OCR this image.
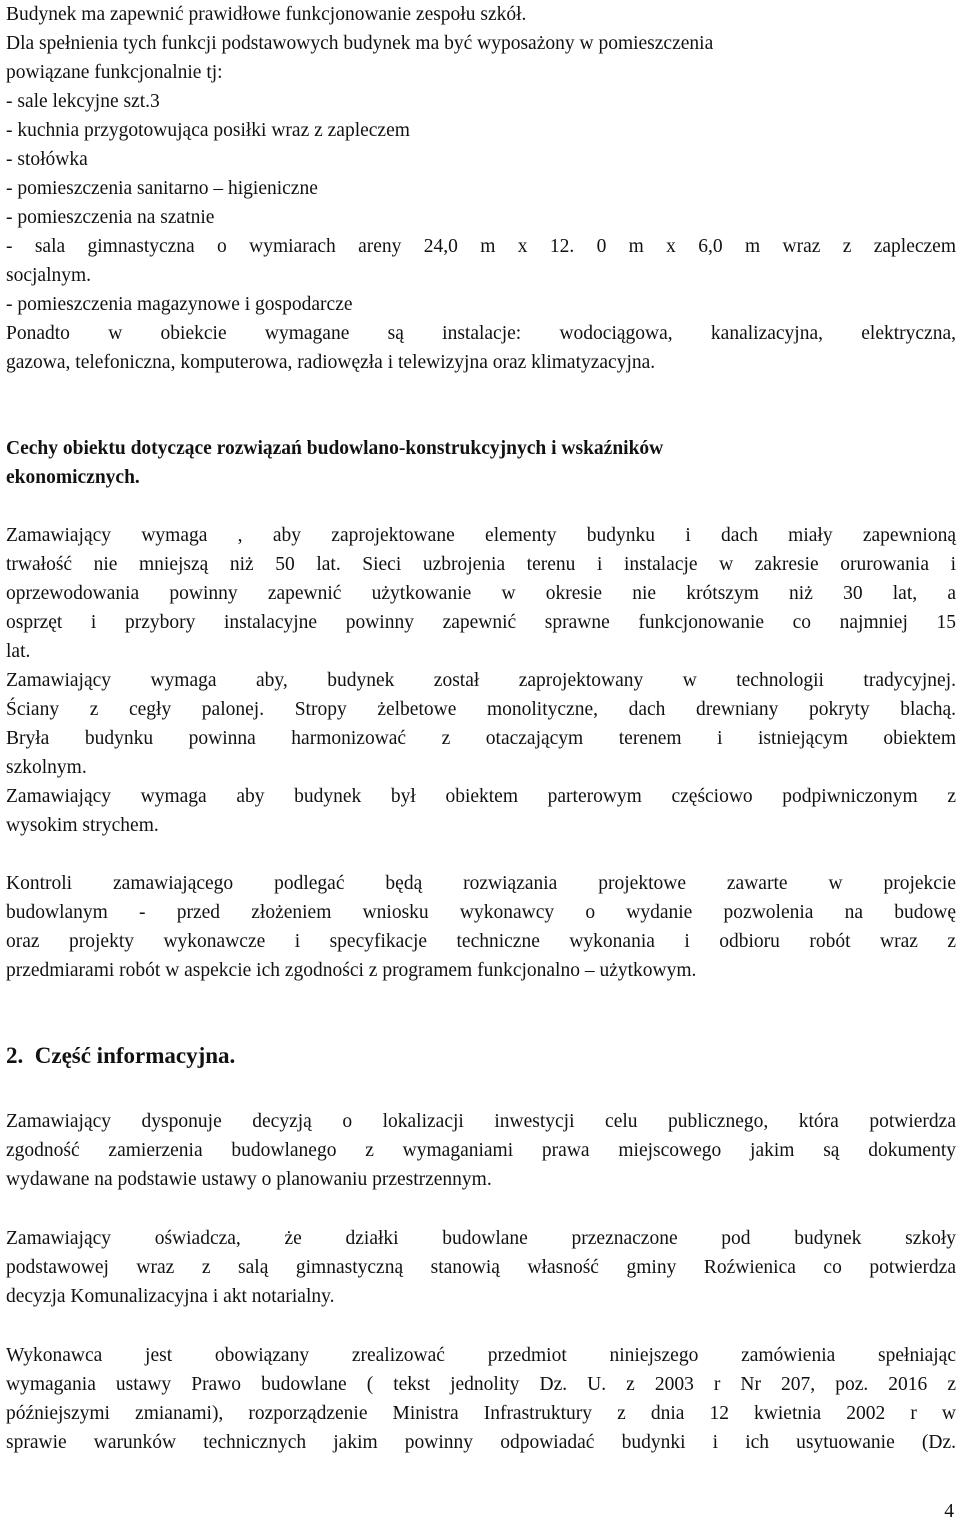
Budynek ma zapewnić prawidłowe funkcjonowanie zespołu szkół.
Dla spełnienia tych funkcji podstawowych budynek ma być wyposażony w pomieszczenia
powiązane funkcjonalnie tj:
- sale lekcyjne szt.3
- kuchnia przygotowująca posiłki wraz z zapleczem
- stołówka
- pomieszczenia sanitarno – higieniczne
- pomieszczenia na szatnie
- sala gimnastyczna o wymiarach areny 24,0 m x 12. 0 m x 6,0 m wraz z zapleczem
socjalnym.
- pomieszczenia magazynowe i gospodarcze
Ponadto w obiekcie wymagane są instalacje: wodociągowa, kanalizacyjna, elektryczna,
gazowa, telefoniczna, komputerowa, radiowęzła i telewizyjna oraz klimatyzacyjna.
Cechy obiektu dotyczące rozwiązań budowlano-konstrukcyjnych i wskaźników
ekonomicznych.
Zamawiający wymaga , aby zaprojektowane elementy budynku i dach miały zapewnioną
trwałość nie mniejszą niż 50 lat. Sieci uzbrojenia terenu i instalacje w zakresie orurowania i
oprzewodowania powinny zapewnić użytkowanie w okresie nie krótszym niż 30 lat, a
osprzęt i przybory instalacyjne powinny zapewnić sprawne funkcjonowanie co najmniej 15
lat.
Zamawiający wymaga aby, budynek został zaprojektowany w technologii tradycyjnej.
Ściany z cegły palonej. Stropy żelbetowe monolityczne, dach drewniany pokryty blachą.
Bryła budynku powinna harmonizować z otaczającym terenem i istniejącym obiektem
szkolnym.
Zamawiający wymaga aby budynek był obiektem parterowym częściowo podpiwniczonym z
wysokim strychem.
Kontroli zamawiającego podlegać będą rozwiązania projektowe zawarte w projekcie
budowlanym - przed złożeniem wniosku wykonawcy o wydanie pozwolenia na budowę
oraz projekty wykonawcze i specyfikacje techniczne wykonania i odbioru robót wraz z
przedmiarami robót w aspekcie ich zgodności z programem funkcjonalno – użytkowym.
2.  Część informacyjna.
Zamawiający dysponuje decyzją o lokalizacji inwestycji celu publicznego, która potwierdza
zgodność zamierzenia budowlanego z wymaganiami prawa miejscowego jakim są dokumenty
wydawane na podstawie ustawy o planowaniu przestrzennym.
Zamawiający oświadcza, że działki budowlane przeznaczone pod budynek szkoły
podstawowej wraz z salą gimnastyczną stanowią własność gminy Roźwienica co potwierdza
decyzja Komunalizacyjna i akt notarialny.
Wykonawca jest obowiązany zrealizować przedmiot niniejszego zamówienia spełniając
wymagania ustawy Prawo budowlane ( tekst jednolity Dz. U. z 2003 r Nr 207, poz. 2016 z
późniejszymi zmianami), rozporządzenie Ministra Infrastruktury z dnia 12 kwietnia 2002 r w
sprawie warunków technicznych jakim powinny odpowiadać budynki i ich usytuowanie (Dz.
4
